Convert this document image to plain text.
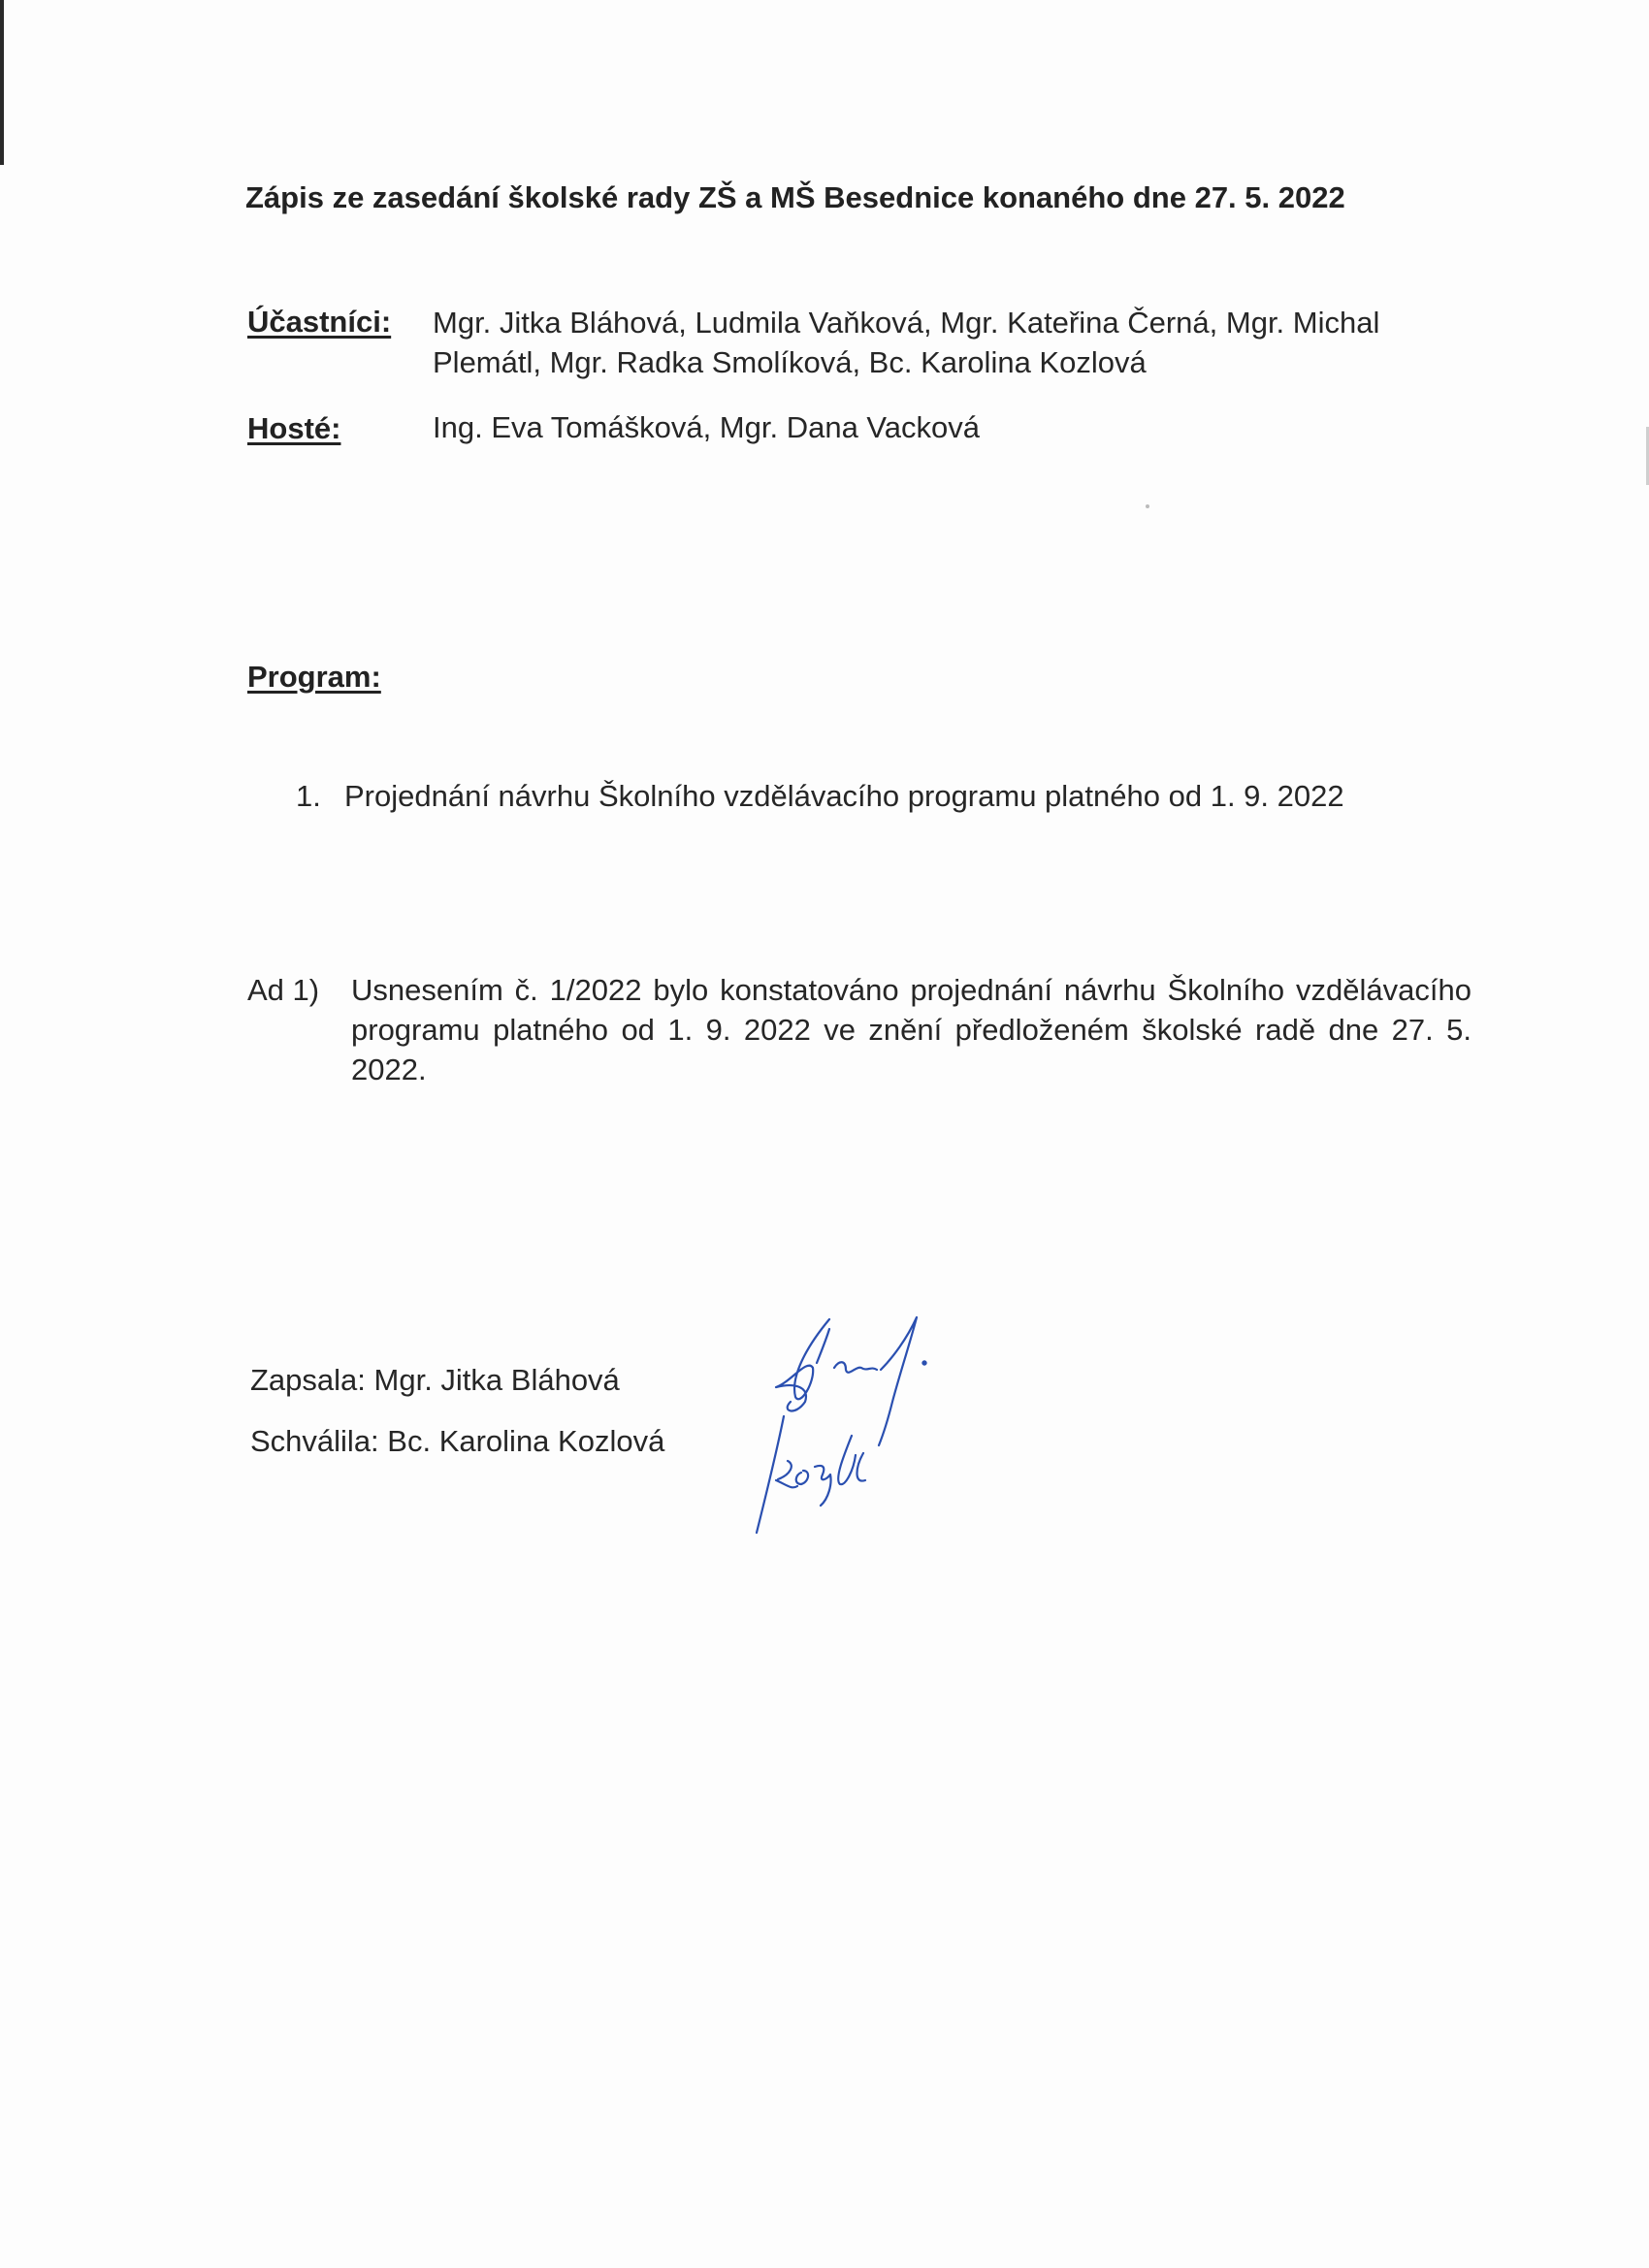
Zápis ze zasedání školské rady ZŠ a MŠ Besednice konaného dne 27. 5. 2022
Účastníci: Mgr. Jitka Bláhová, Ludmila Vaňková, Mgr. Kateřina Černá, Mgr. Michal Plemátl, Mgr. Radka Smolíková, Bc. Karolina Kozlová
Hosté:	Ing. Eva Tomášková, Mgr. Dana Vacková
Program:
1. Projednání návrhu Školního vzdělávacího programu platného od 1. 9. 2022
Ad 1) Usnesením č. 1/2022 bylo konstatováno projednání návrhu Školního vzdělávacího programu platného od 1. 9. 2022 ve znění předloženém školské radě dne 27. 5. 2022.
Zapsala: Mgr. Jitka Bláhová
Schválila: Bc. Karolina Kozlová
